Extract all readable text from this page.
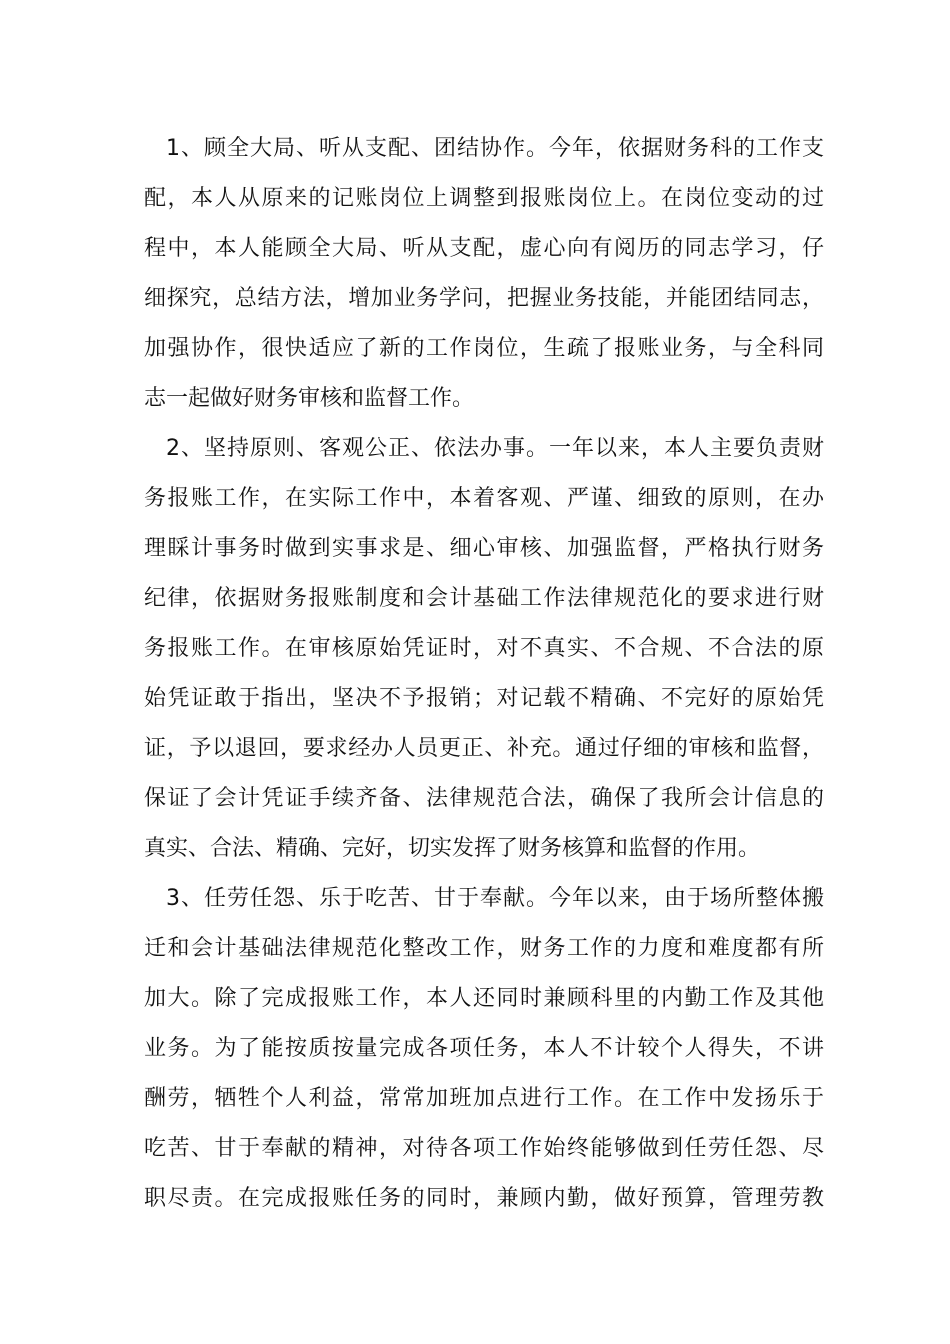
1、顾全大局、听从支配、团结协作。今年，依据财务科的工作支
配，本人从原来的记账岗位上调整到报账岗位上。在岗位变动的过
程中，本人能顾全大局、听从支配，虚心向有阅历的同志学习，仔
细探究，总结方法，增加业务学问，把握业务技能，并能团结同志，
加强协作，很快适应了新的工作岗位，生疏了报账业务，与全科同
志一起做好财务审核和监督工作。
2、坚持原则、客观公正、依法办事。一年以来，本人主要负责财
务报账工作，在实际工作中，本着客观、严谨、细致的原则，在办
理睬计事务时做到实事求是、细心审核、加强监督，严格执行财务
纪律，依据财务报账制度和会计基础工作法律规范化的要求进行财
务报账工作。在审核原始凭证时，对不真实、不合规、不合法的原
始凭证敢于指出，坚决不予报销；对记载不精确、不完好的原始凭
证，予以退回，要求经办人员更正、补充。通过仔细的审核和监督，
保证了会计凭证手续齐备、法律规范合法，确保了我所会计信息的
真实、合法、精确、完好，切实发挥了财务核算和监督的作用。
3、任劳任怨、乐于吃苦、甘于奉献。今年以来，由于场所整体搬
迁和会计基础法律规范化整改工作，财务工作的力度和难度都有所
加大。除了完成报账工作，本人还同时兼顾科里的内勤工作及其他
业务。为了能按质按量完成各项任务，本人不计较个人得失，不讲
酬劳，牺牲个人利益，常常加班加点进行工作。在工作中发扬乐于
吃苦、甘于奉献的精神，对待各项工作始终能够做到任劳任怨、尽
职尽责。在完成报账任务的同时，兼顾内勤，做好预算，管理劳教
